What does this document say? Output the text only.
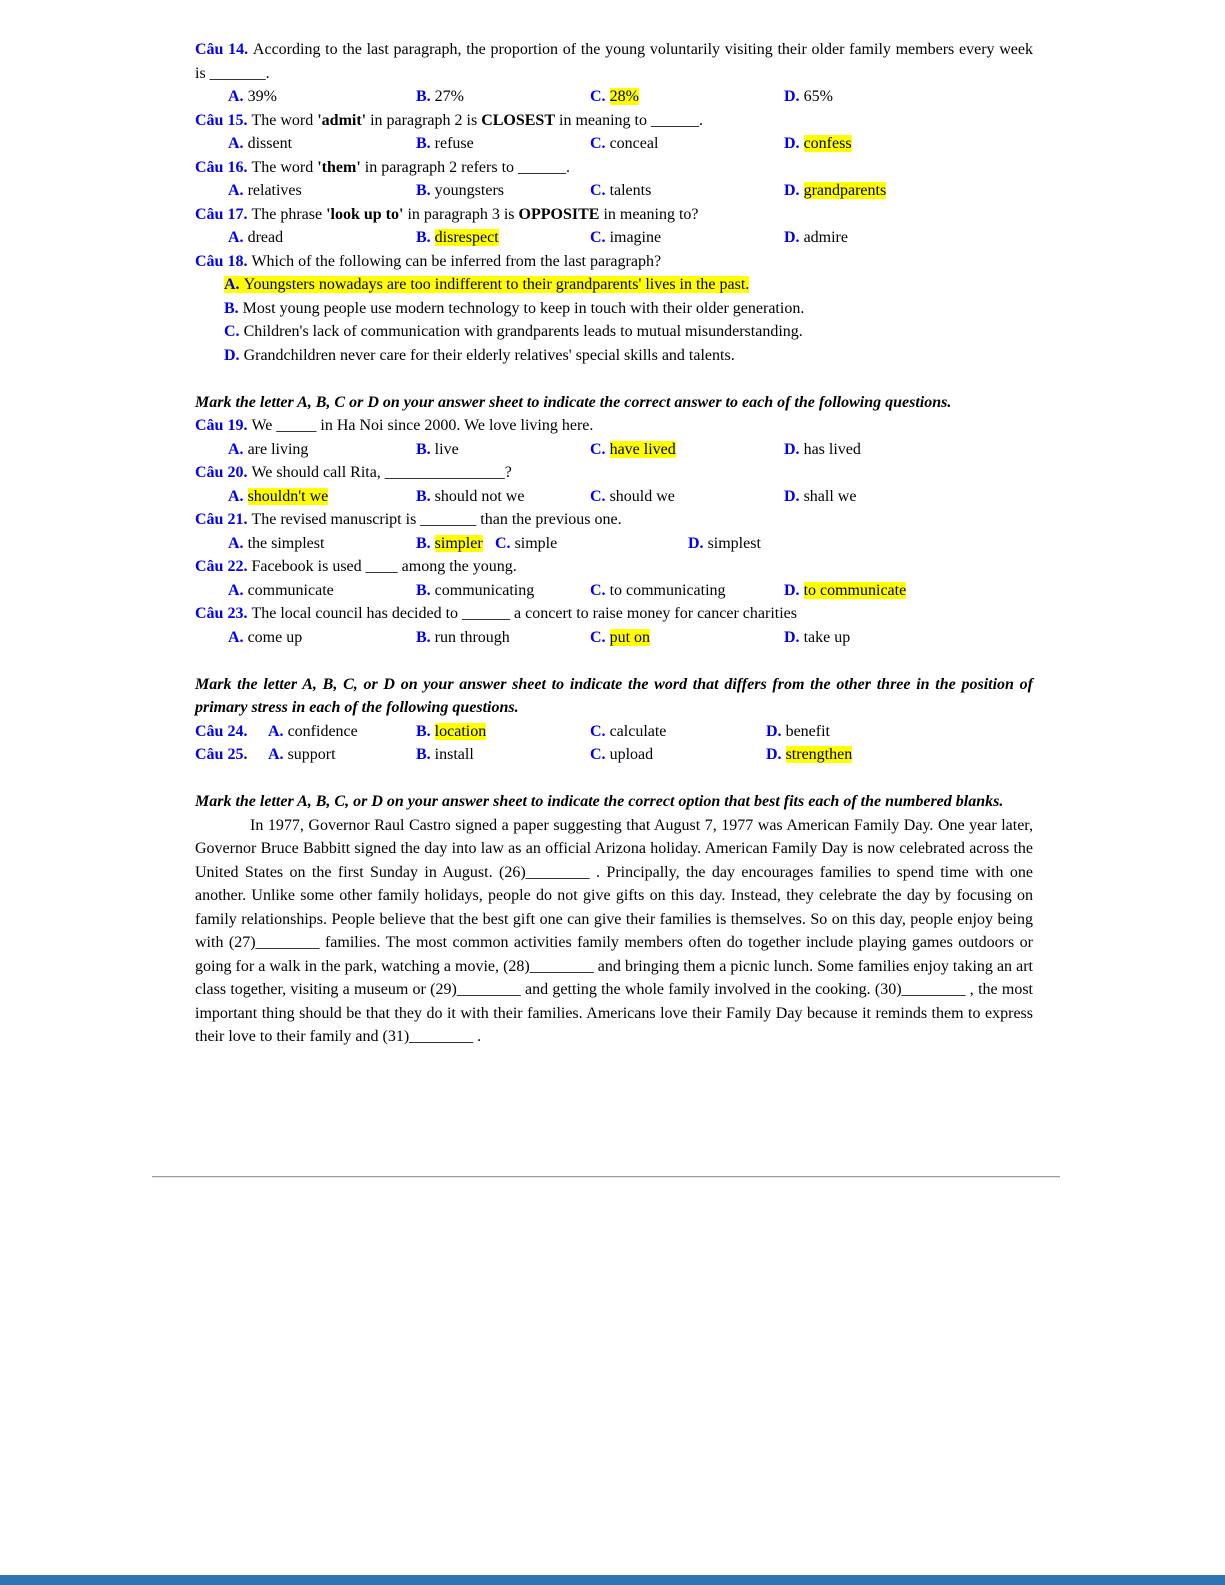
Câu 14. According to the last paragraph, the proportion of the young voluntarily visiting their older family members every week is _______.

A. 39%	B. 27%	C. 28%	D. 65%

Câu 15. The word 'admit' in paragraph 2 is CLOSEST in meaning to ______.

A. dissent	B. refuse	C. conceal	D. confess

Câu 16. The word 'them' in paragraph 2 refers to ______.

A. relatives	B. youngsters	C. talents	D. grandparents

Câu 17. The phrase 'look up to' in paragraph 3 is OPPOSITE in meaning to?

A. dread	B. disrespect	C. imagine	D. admire

Câu 18. Which of the following can be inferred from the last paragraph?

A. Youngsters nowadays are too indifferent to their grandparents' lives in the past.
B. Most young people use modern technology to keep in touch with their older generation.
C. Children's lack of communication with grandparents leads to mutual misunderstanding.
D. Grandchildren never care for their elderly relatives' special skills and talents.

Mark the letter A, B, C or D on your answer sheet to indicate the correct answer to each of the following questions.

Câu 19. We _____ in Ha Noi since 2000. We love living here.

A. are living	B. live	C. have lived	D. has lived

Câu 20. We should call Rita, _______________?

A. shouldn't we	B. should not we	C. should we	D. shall we

Câu 21. The revised manuscript is _______ than the previous one.

A. the simplest	B. simpler C. simple	D. simplest

Câu 22. Facebook is used ____ among the young.

A. communicate	B. communicating	C. to communicating	D. to communicate

Câu 23. The local council has decided to ______ a concert to raise money for cancer charities

A. come up	B. run through	C. put on	D. take up

Mark the letter A, B, C, or D on your answer sheet to indicate the word that differs from the other three in the position of primary stress in each of the following questions.

Câu 24.	A. confidence	B. location	C. calculate	D. benefit
Câu 25.	A. support	B. install	C. upload	D. strengthen

Mark the letter A, B, C, or D on your answer sheet to indicate the correct option that best fits each of the numbered blanks.

In 1977, Governor Raul Castro signed a paper suggesting that August 7, 1977 was American Family Day. One year later, Governor Bruce Babbitt signed the day into law as an official Arizona holiday. American Family Day is now celebrated across the United States on the first Sunday in August. (26)________ . Principally, the day encourages families to spend time with one another. Unlike some other family holidays, people do not give gifts on this day. Instead, they celebrate the day by focusing on family relationships. People believe that the best gift one can give their families is themselves. So on this day, people enjoy being with (27)________ families. The most common activities family members often do together include playing games outdoors or going for a walk in the park, watching a movie, (28)________ and bringing them a picnic lunch. Some families enjoy taking an art class together, visiting a museum or (29)________ and getting the whole family involved in the cooking. (30)________ , the most important thing should be that they do it with their families. Americans love their Family Day because it reminds them to express their love to their family and (31)________ .
